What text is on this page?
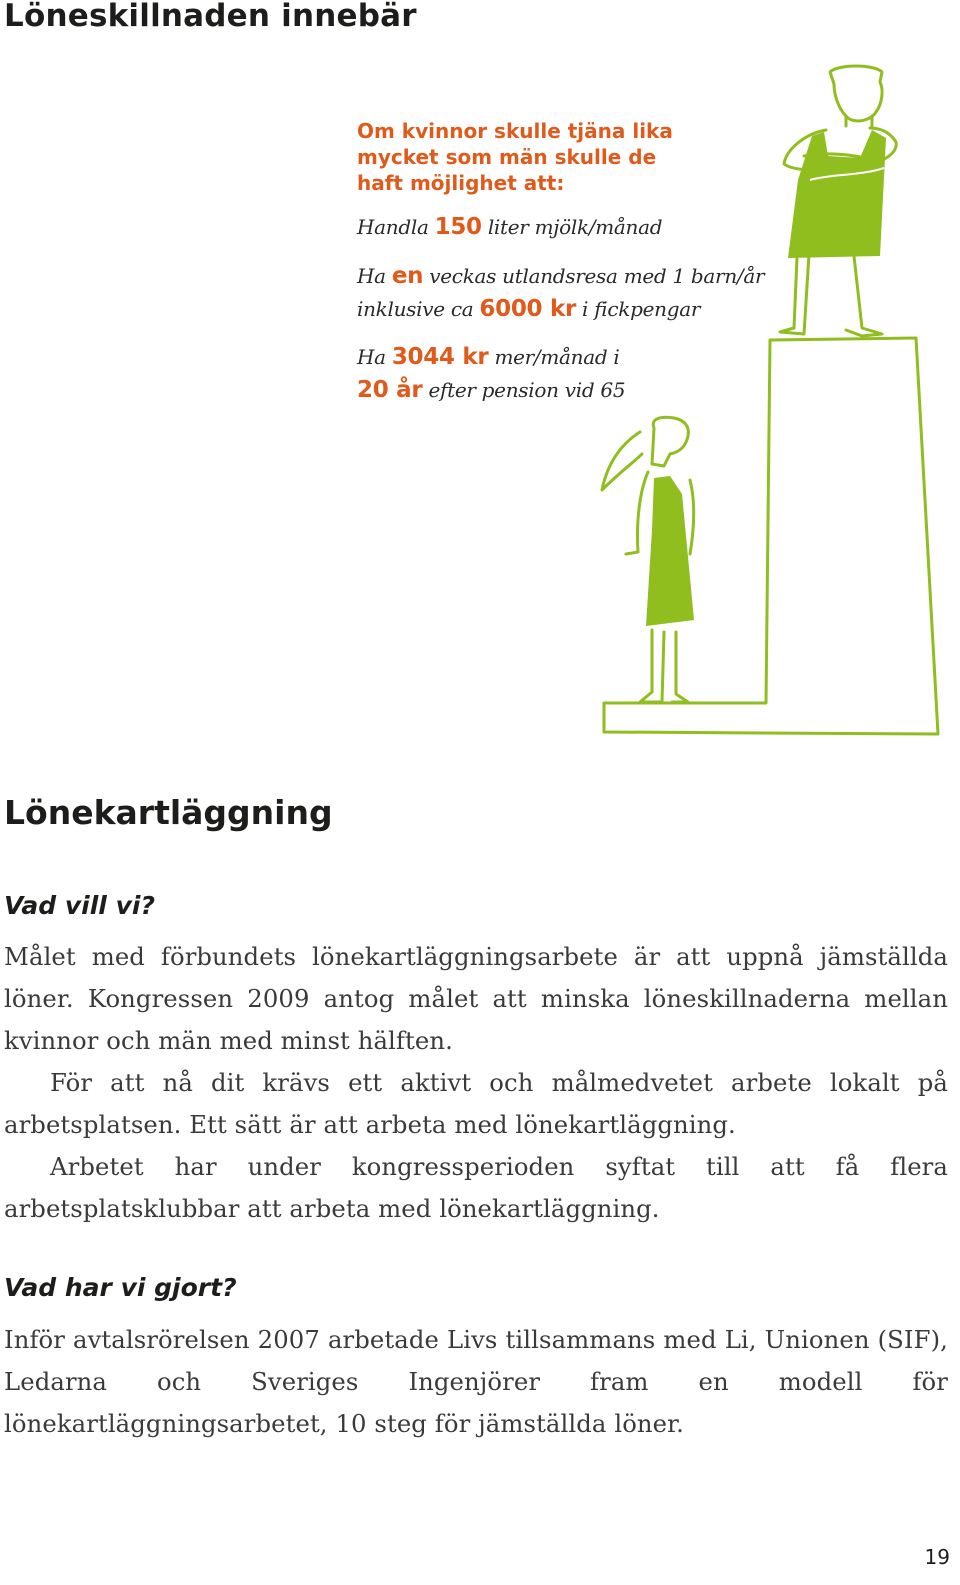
Löneskillnaden innebär

Om kvinnor skulle tjäna lika mycket som män skulle de haft möjlighet att:

Handla 150 liter mjölk/månad

Ha en veckas utlandsresa med 1 barn/år

inklusive ca 6000 kr i fickpengar

Ha 3044 kr mer/månad i

20 år efter pension vid 65

Lönekartläggning
Vad vill vi?

Målet med förbundets lönekartläggningsarbete är att uppnå jämställda löner. Kongressen 2009 antog målet att minska löneskillnaderna mellan kvinnor och män med minst hälften.

För att nå dit krävs ett aktivt och målmedvetet arbete lokalt på arbetsplatsen. Ett sätt är att arbeta med lönekartläggning.

Arbetet har under kongressperioden syftat till att få flera arbetsplatsklubbar att arbeta med lönekartläggning.

Vad har vi gjort?

Inför avtalsrörelsen 2007 arbetade Livs tillsammans med Li, Unionen (SIF), Ledarna och Sveriges Ingenjörer fram en modell för lönekartläggningsarbetet, 10 steg för jämställda löner.

19
